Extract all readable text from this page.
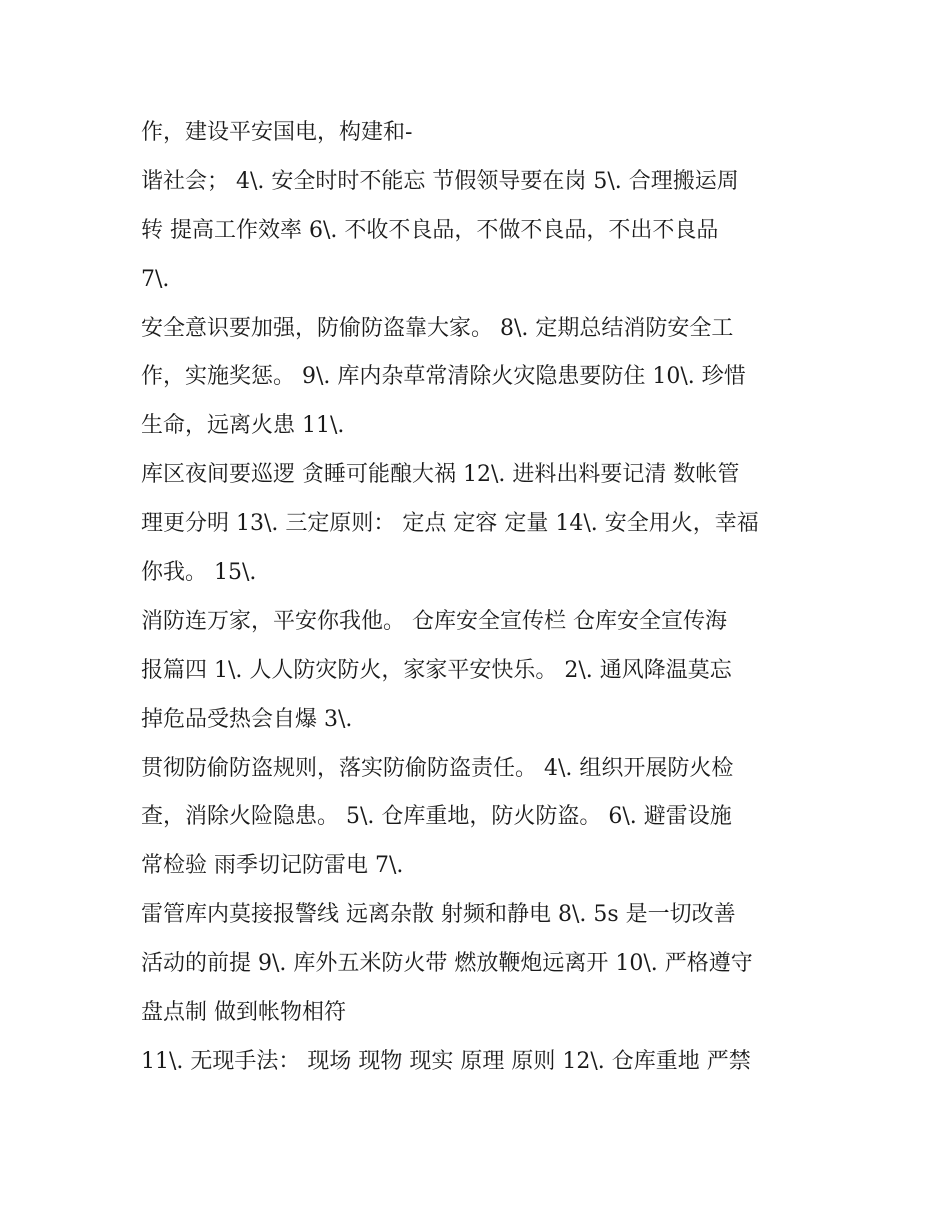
作，建设平安国电，构建和-
谐社会； 4\. 安全时时不能忘 节假领导要在岗 5\. 合理搬运周
转 提高工作效率 6\. 不收不良品，不做不良品，不出不良品
7\.
安全意识要加强，防偷防盗靠大家。 8\. 定期总结消防安全工
作，实施奖惩。 9\. 库内杂草常清除火灾隐患要防住 10\. 珍惜
生命，远离火患 11\.
库区夜间要巡逻 贪睡可能酿大祸 12\. 进料出料要记清 数帐管
理更分明 13\. 三定原则： 定点 定容 定量 14\. 安全用火，幸福
你我。 15\.
消防连万家，平安你我他。 仓库安全宣传栏 仓库安全宣传海
报篇四 1\. 人人防灾防火，家家平安快乐。 2\. 通风降温莫忘
掉危品受热会自爆 3\.
贯彻防偷防盗规则，落实防偷防盗责任。 4\. 组织开展防火检
查，消除火险隐患。 5\. 仓库重地，防火防盗。 6\. 避雷设施
常检验 雨季切记防雷电 7\.
雷管库内莫接报警线 远离杂散 射频和静电 8\. 5s 是一切改善
活动的前提 9\. 库外五米防火带 燃放鞭炮远离开 10\. 严格遵守
盘点制 做到帐物相符
11\. 无现手法： 现场 现物 现实 原理 原则 12\. 仓库重地 严禁
